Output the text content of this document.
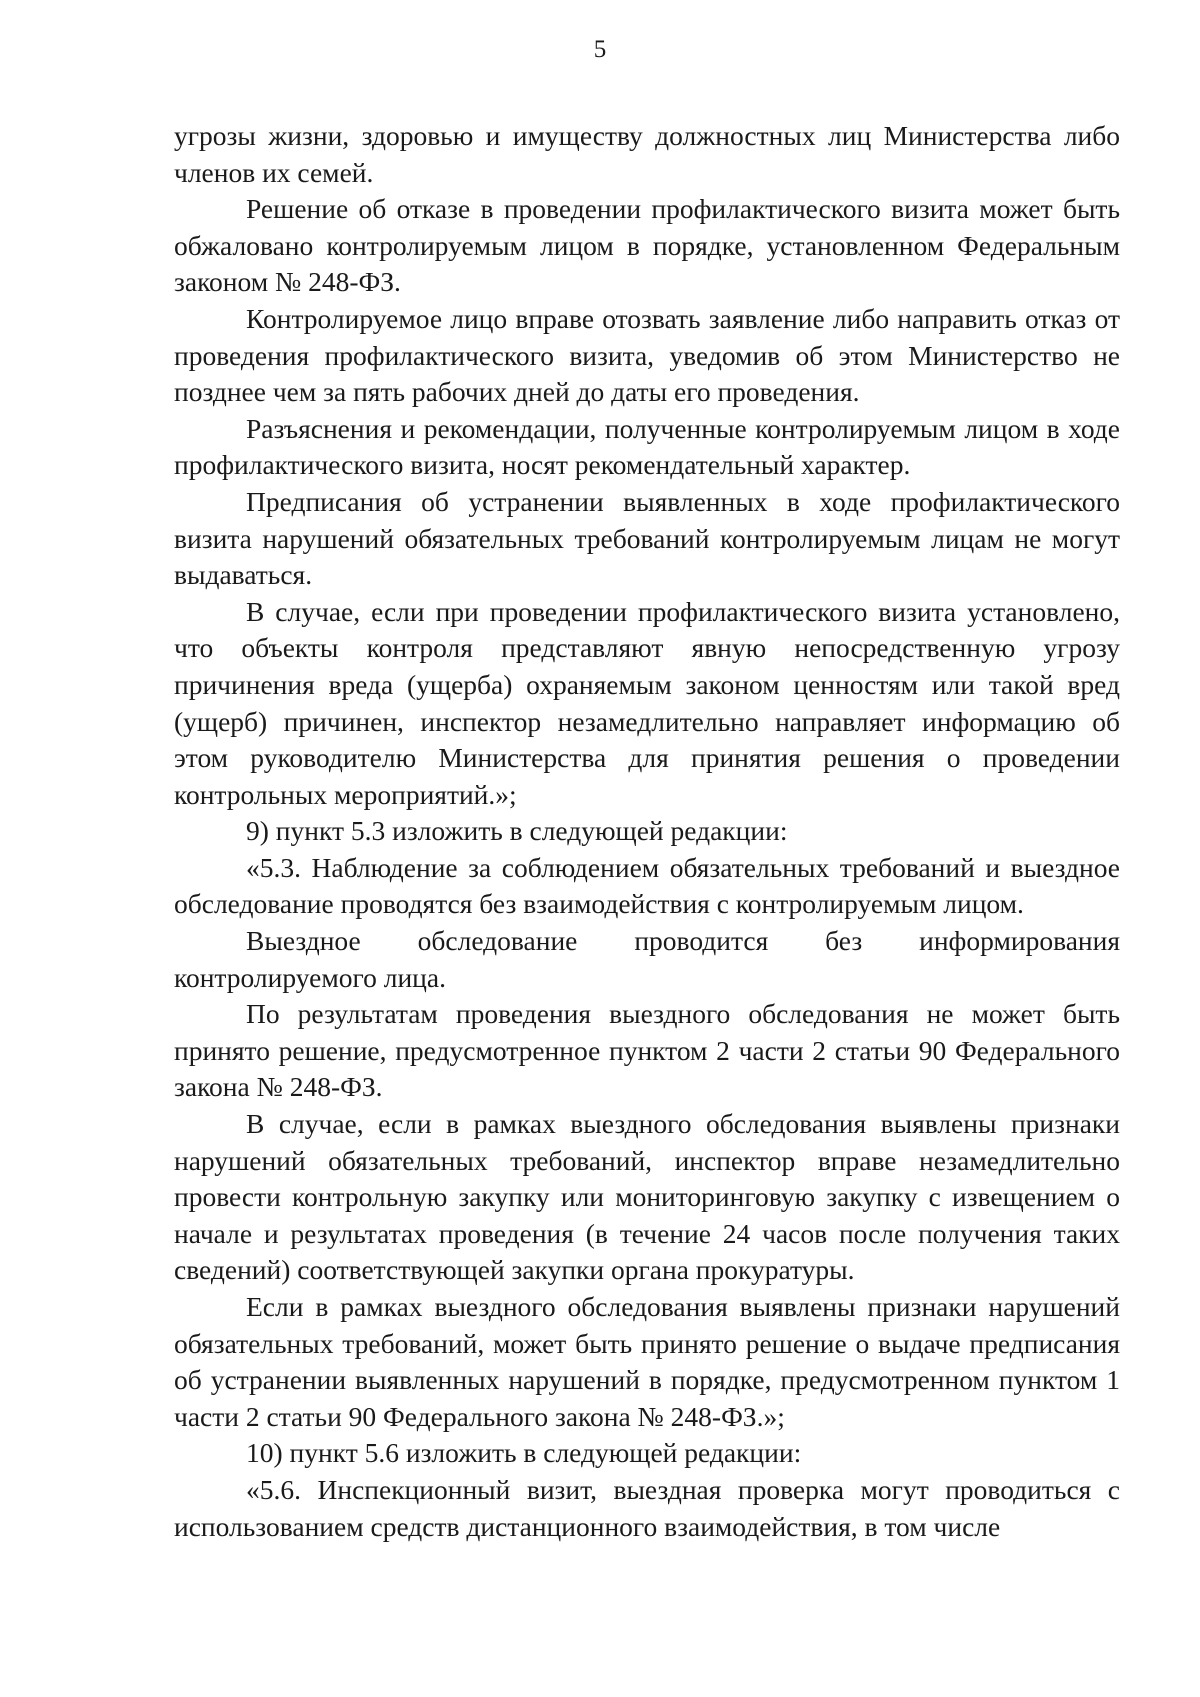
5

угрозы жизни, здоровью и имуществу должностных лиц Министерства либо членов их семей.

Решение об отказе в проведении профилактического визита может быть обжаловано контролируемым лицом в порядке, установленном Федеральным законом № 248-ФЗ.

Контролируемое лицо вправе отозвать заявление либо направить отказ от проведения профилактического визита, уведомив об этом Министерство не позднее чем за пять рабочих дней до даты его проведения.

Разъяснения и рекомендации, полученные контролируемым лицом в ходе профилактического визита, носят рекомендательный характер.

Предписания об устранении выявленных в ходе профилактического визита нарушений обязательных требований контролируемым лицам не могут выдаваться.

В случае, если при проведении профилактического визита установлено, что объекты контроля представляют явную непосредственную угрозу причинения вреда (ущерба) охраняемым законом ценностям или такой вред (ущерб) причинен, инспектор незамедлительно направляет информацию об этом руководителю Министерства для принятия решения о проведении контрольных мероприятий.»;

9) пункт 5.3 изложить в следующей редакции:

«5.3. Наблюдение за соблюдением обязательных требований и выездное обследование проводятся без взаимодействия с контролируемым лицом.

Выездное обследование проводится без информирования контролируемого лица.

По результатам проведения выездного обследования не может быть принято решение, предусмотренное пунктом 2 части 2 статьи 90 Федерального закона № 248-ФЗ.

В случае, если в рамках выездного обследования выявлены признаки нарушений обязательных требований, инспектор вправе незамедлительно провести контрольную закупку или мониторинговую закупку с извещением о начале и результатах проведения (в течение 24 часов после получения таких сведений) соответствующей закупки органа прокуратуры.

Если в рамках выездного обследования выявлены признаки нарушений обязательных требований, может быть принято решение о выдаче предписания об устранении выявленных нарушений в порядке, предусмотренном пунктом 1 части 2 статьи 90 Федерального закона № 248-ФЗ.»;

10) пункт 5.6 изложить в следующей редакции:

«5.6. Инспекционный визит, выездная проверка могут проводиться с использованием средств дистанционного взаимодействия, в том числе
